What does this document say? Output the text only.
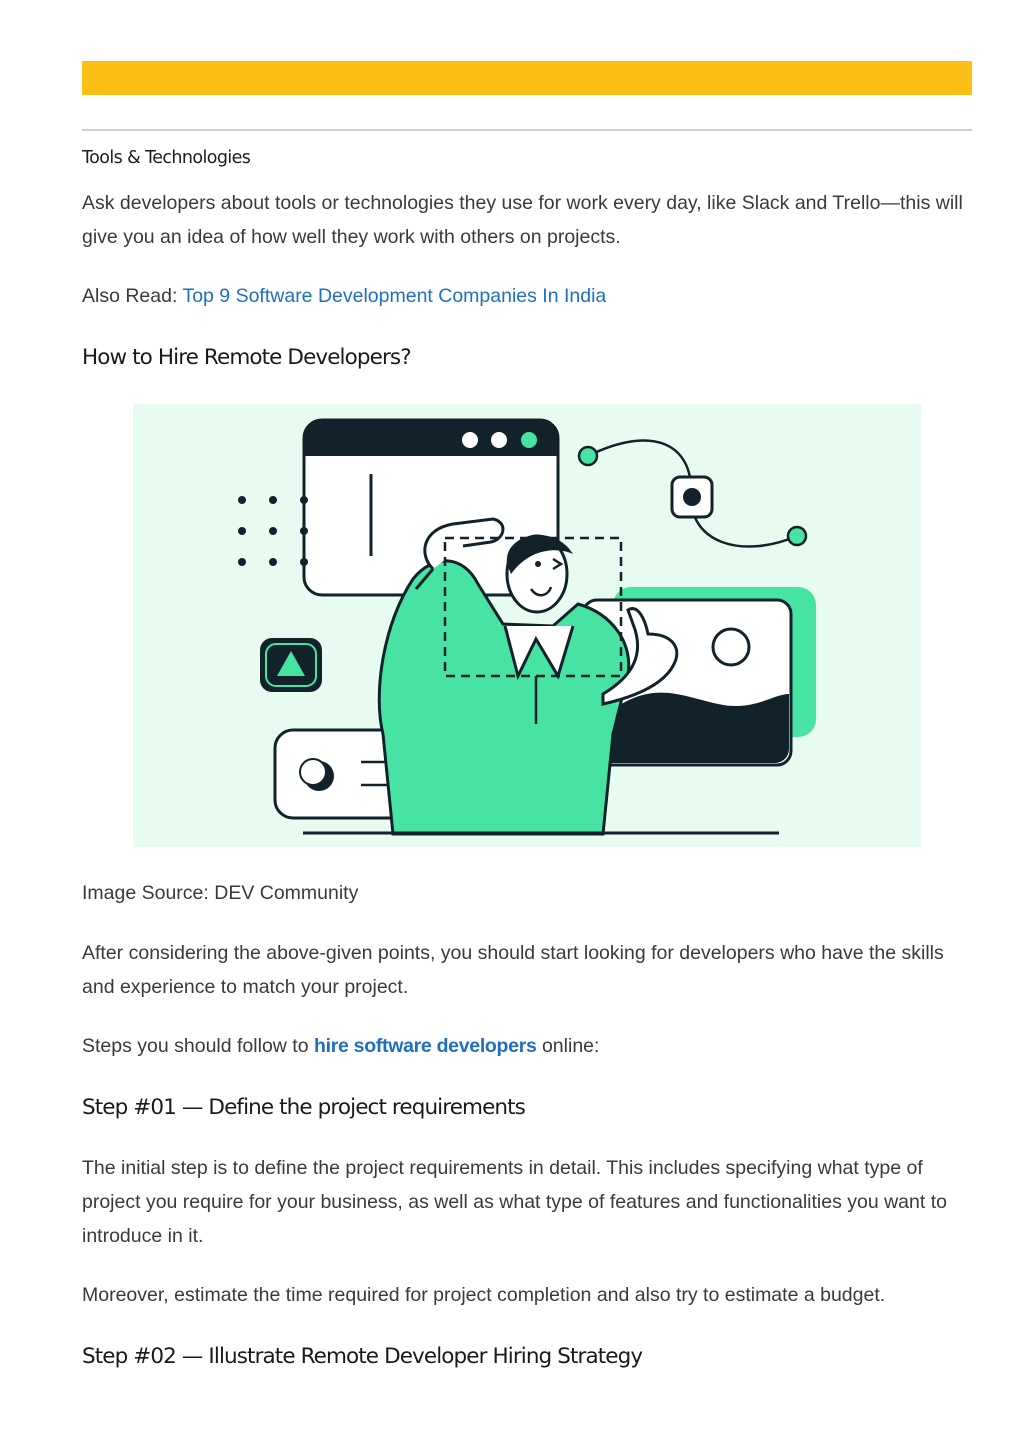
Tools & Technologies

Ask developers about tools or technologies they use for work every day, like Slack and Trello—this will give you an idea of how well they work with others on projects.

Also Read: Top 9 Software Development Companies In India

How to Hire Remote Developers?

Image Source: DEV Community

After considering the above-given points, you should start looking for developers who have the skills and experience to match your project.

Steps you should follow to hire software developers online:

Step #01 — Define the project requirements

The initial step is to define the project requirements in detail. This includes specifying what type of project you require for your business, as well as what type of features and functionalities you want to introduce in it.

Moreover, estimate the time required for project completion and also try to estimate a budget.

Step #02 — Illustrate Remote Developer Hiring Strategy
